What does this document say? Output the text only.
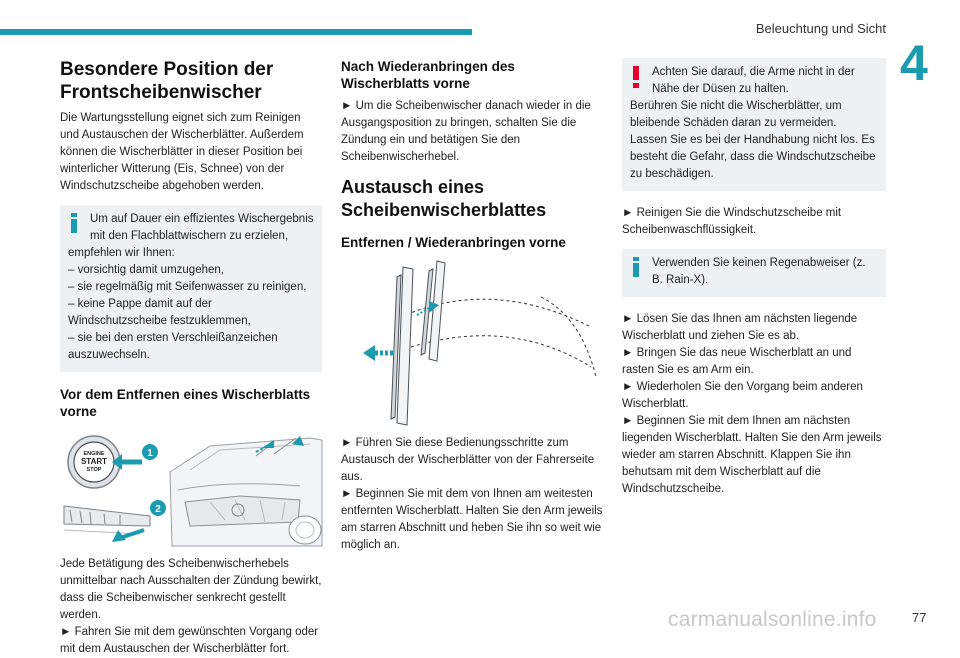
Beleuchtung und Sicht
4
Besondere Position der Frontscheibenwischer

Die Wartungsstellung eignet sich zum Reinigen und Austauschen der Wischerblätter. Außerdem können die Wischerblätter in dieser Position bei winterlicher Witterung (Eis, Schnee) von der Windschutzscheibe abgehoben werden.

Um auf Dauer ein effizientes Wischergebnis mit den Flachblattwischern zu erzielen,
empfehlen wir Ihnen:
– vorsichtig damit umzugehen,
– sie regelmäßig mit Seifenwasser zu reinigen,
– keine Pappe damit auf der Windschutzscheibe festzuklemmen,
– sie bei den ersten Verschleißanzeichen auszuwechseln.
Vor dem Entfernen eines Wischerblatts vorne
ENGINE
START
STOP
1
2

Jede Betätigung des Scheibenwischerhebels unmittelbar nach Ausschalten der Zündung bewirkt, dass die Scheibenwischer senkrecht gestellt werden.

► Fahren Sie mit dem gewünschten Vorgang oder mit dem Austauschen der Wischerblätter fort.

Nach Wiederanbringen des Wischerblatts vorne

► Um die Scheibenwischer danach wieder in die Ausgangsposition zu bringen, schalten Sie die Zündung ein und betätigen Sie den Scheibenwischerhebel.

Austausch eines Scheibenwischerblattes
Entfernen / Wiederanbringen vorne

► Führen Sie diese Bedienungsschritte zum Austausch der Wischerblätter von der Fahrerseite aus.

► Beginnen Sie mit dem von Ihnen am weitesten entfernten Wischerblatt. Halten Sie den Arm jeweils am starren Abschnitt und heben Sie ihn so weit wie möglich an.

Achten Sie darauf, die Arme nicht in der Nähe der Düsen zu halten.
Berühren Sie nicht die Wischerblätter, um bleibende Schäden daran zu vermeiden.
Lassen Sie es bei der Handhabung nicht los. Es besteht die Gefahr, dass die Windschutzscheibe zu beschädigen.

► Reinigen Sie die Windschutzscheibe mit Scheibenwaschflüssigkeit.

Verwenden Sie keinen Regenabweiser (z. B. Rain-X).

► Lösen Sie das Ihnen am nächsten liegende Wischerblatt und ziehen Sie es ab.

► Bringen Sie das neue Wischerblatt an und rasten Sie es am Arm ein.

► Wiederholen Sie den Vorgang beim anderen Wischerblatt.

► Beginnen Sie mit dem Ihnen am nächsten liegenden Wischerblatt. Halten Sie den Arm jeweils wieder am starren Abschnitt. Klappen Sie ihn behutsam mit dem Wischerblatt auf die Windschutzscheibe.

carmanualsonline.info	77
